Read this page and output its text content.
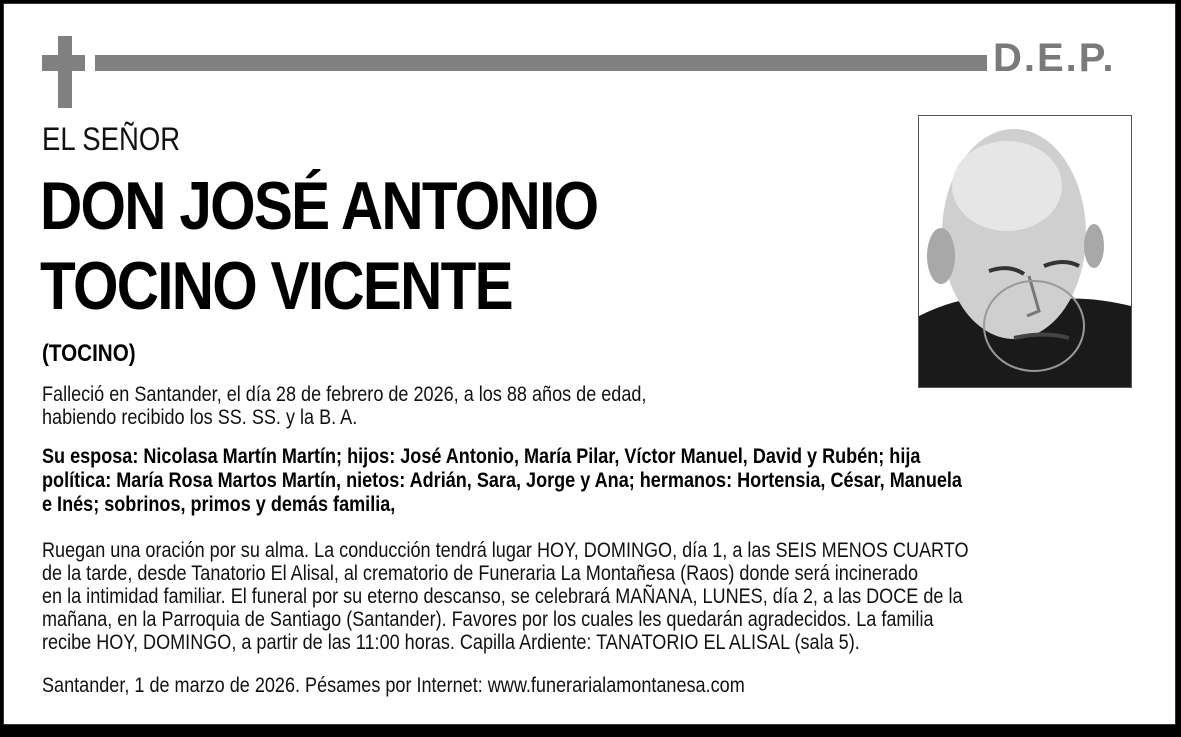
D.E.P.
EL SEÑOR
DON JOSÉ ANTONIO
TOCINO VICENTE
(TOCINO)
Falleció en Santander, el día 28 de febrero de 2026, a los 88 años de edad,
habiendo recibido los SS. SS. y la B. A.
Su esposa: Nicolasa Martín Martín; hijos: José Antonio, María Pilar, Víctor Manuel, David y Rubén; hija
política: María Rosa Martos Martín, nietos: Adrián, Sara, Jorge y Ana; hermanos: Hortensia, César, Manuela
e Inés; sobrinos, primos y demás familia,
Ruegan una oración por su alma. La conducción tendrá lugar HOY, DOMINGO, día 1, a las SEIS MENOS CUARTO
de la tarde, desde Tanatorio El Alisal, al crematorio de Funeraria La Montañesa (Raos) donde será incinerado
en la intimidad familiar. El funeral por su eterno descanso, se celebrará MAÑANA, LUNES, día 2, a las DOCE de la
mañana, en la Parroquia de Santiago (Santander). Favores por los cuales les quedarán agradecidos. La familia
recibe HOY, DOMINGO, a partir de las 11:00 horas. Capilla Ardiente: TANATORIO EL ALISAL (sala 5).
Santander, 1 de marzo de 2026. Pésames por Internet: www.funerarialamontanesa.com
